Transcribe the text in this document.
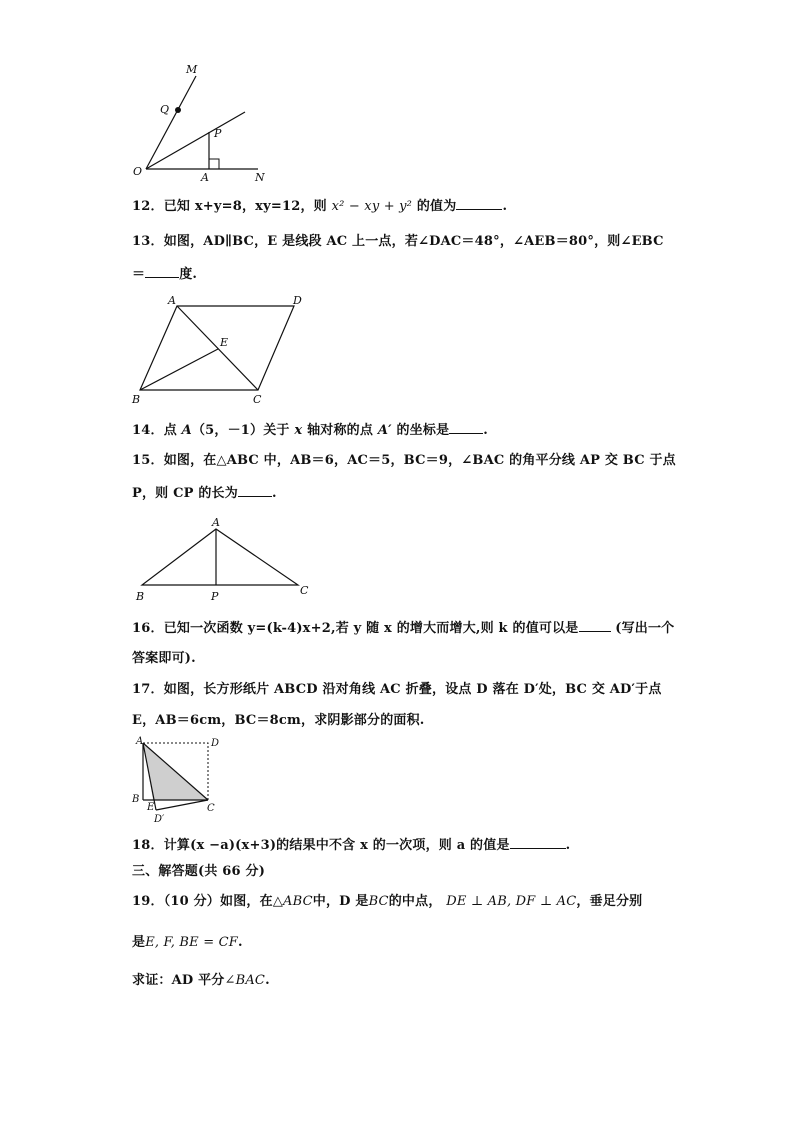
M
Q
P
O	A	N
12．已知 x+y=8，xy=12，则 x² − xy + y² 的值为	.
13．如图，AD∥BC，E 是线段 AC 上一点，若∠DAC＝48°，∠AEB＝80°，则∠EBC
＝	度.
A	D
E
B	C
14．点 A（5，－1）关于 x 轴对称的点 A′ 的坐标是	.
15．如图，在△ABC 中，AB＝6，AC＝5，BC＝9，∠BAC 的角平分线 AP 交 BC 于点
P，则 CP 的长为	.
A
B	P	C
16．已知一次函数 y=(k-4)x+2,若 y 随 x 的增大而增大,则 k 的值可以是	(写出一个
答案即可).
17．如图，长方形纸片 ABCD 沿对角线 AC 折叠，设点 D 落在 D′处，BC 交 AD′于点
E，AB＝6cm，BC＝8cm，求阴影部分的面积.
A	D
B
E	C
D′
18．计算(x −a)(x+3)的结果中不含 x 的一次项，则 a 的值是	.
三、解答题(共 66 分)
19．（10 分）如图，在△ABC中，D 是BC的中点， DE ⊥ AB, DF ⊥ AC，垂足分别
是E, F, BE = CF.
求证：AD 平分∠BAC.
